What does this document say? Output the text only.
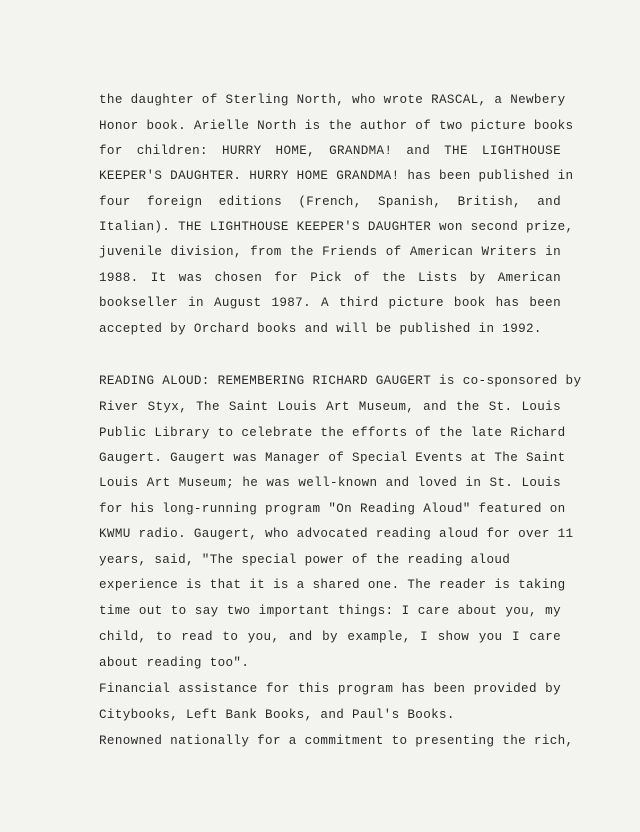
the daughter of Sterling North, who wrote RASCAL, a Newbery
Honor book. Arielle North is the author of two picture books
for children: HURRY HOME, GRANDMA! and THE LIGHTHOUSE
KEEPER'S DAUGHTER. HURRY HOME GRANDMA! has been published in
four foreign editions (French, Spanish, British, and
Italian). THE LIGHTHOUSE KEEPER'S DAUGHTER won second prize,
juvenile division, from the Friends of American Writers in
1988. It was chosen for Pick of the Lists by American
bookseller in August 1987. A third picture book has been
accepted by Orchard books and will be published in 1992.
READING ALOUD: REMEMBERING RICHARD GAUGERT is co-sponsored by
River Styx, The Saint Louis Art Museum, and the St. Louis
Public Library to celebrate the efforts of the late Richard
Gaugert. Gaugert was Manager of Special Events at The Saint
Louis Art Museum; he was well-known and loved in St. Louis
for his long-running program "On Reading Aloud" featured on
KWMU radio. Gaugert, who advocated reading aloud for over 11
years, said, "The special power of the reading aloud
experience is that it is a shared one. The reader is taking
time out to say two important things: I care about you, my
child, to read to you, and by example, I show you I care
about reading too".
Financial assistance for this program has been provided by
Citybooks, Left Bank Books, and Paul's Books.
Renowned nationally for a commitment to presenting the rich,
